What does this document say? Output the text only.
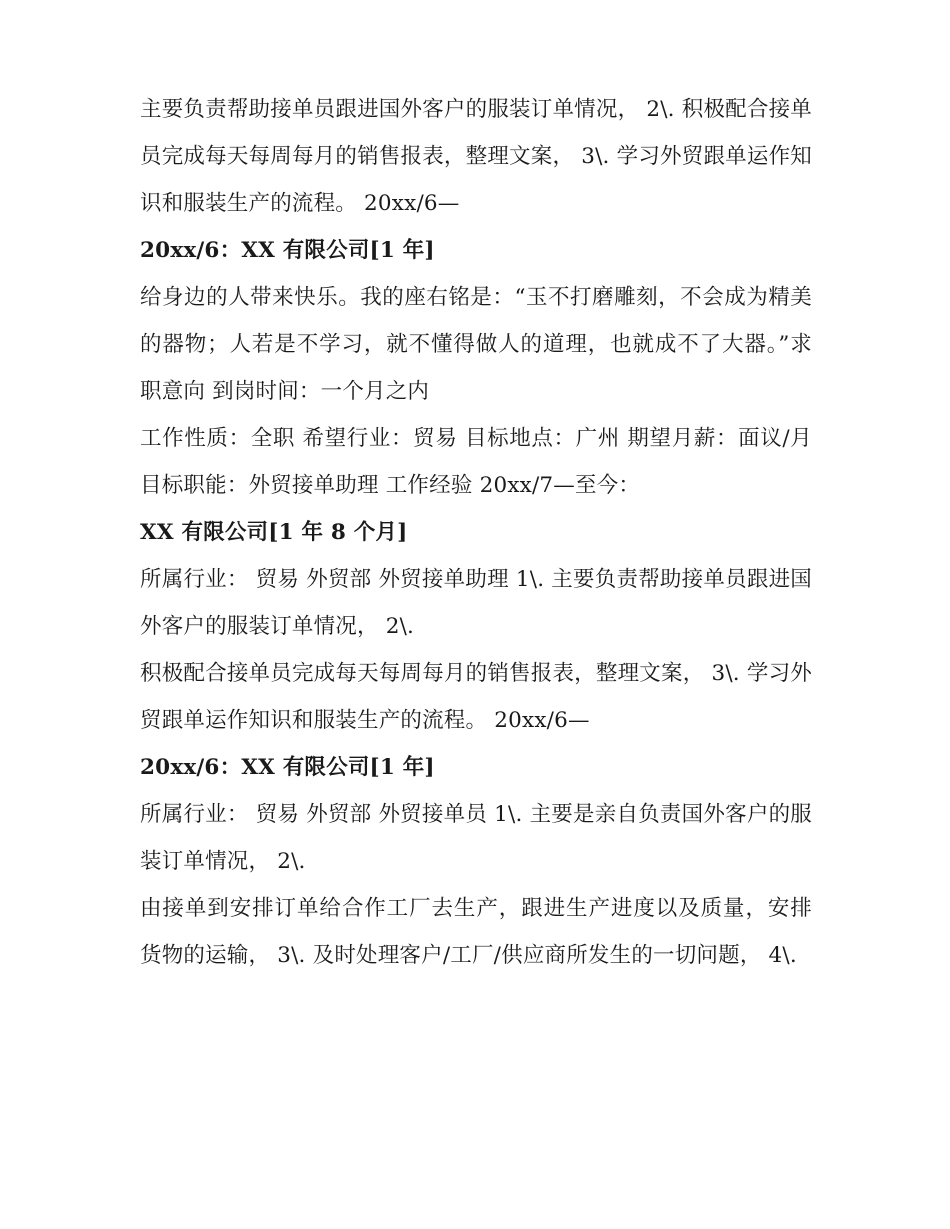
主要负责帮助接单员跟进国外客户的服装订单情况， 2\. 积极配合接单员完成每天每周每月的销售报表，整理文案， 3\. 学习外贸跟单运作知识和服装生产的流程。 20xx/6—

20xx/6：XX 有限公司[1 年]

给身边的人带来快乐。我的座右铭是：“玉不打磨雕刻，不会成为精美的器物；人若是不学习，就不懂得做人的道理，也就成不了大器。”求职意向 到岗时间：一个月之内

工作性质：全职 希望行业：贸易 目标地点：广州 期望月薪：面议/月 目标职能：外贸接单助理 工作经验 20xx/7—至今：

XX 有限公司[1 年 8 个月]

所属行业： 贸易 外贸部 外贸接单助理 1\. 主要负责帮助接单员跟进国外客户的服装订单情况， 2\.

积极配合接单员完成每天每周每月的销售报表，整理文案， 3\. 学习外贸跟单运作知识和服装生产的流程。 20xx/6—

20xx/6：XX 有限公司[1 年]

所属行业： 贸易 外贸部 外贸接单员 1\. 主要是亲自负责国外客户的服装订单情况， 2\.

由接单到安排订单给合作工厂去生产，跟进生产进度以及质量，安排货物的运输， 3\. 及时处理客户/工厂/供应商所发生的一切问题， 4\.
